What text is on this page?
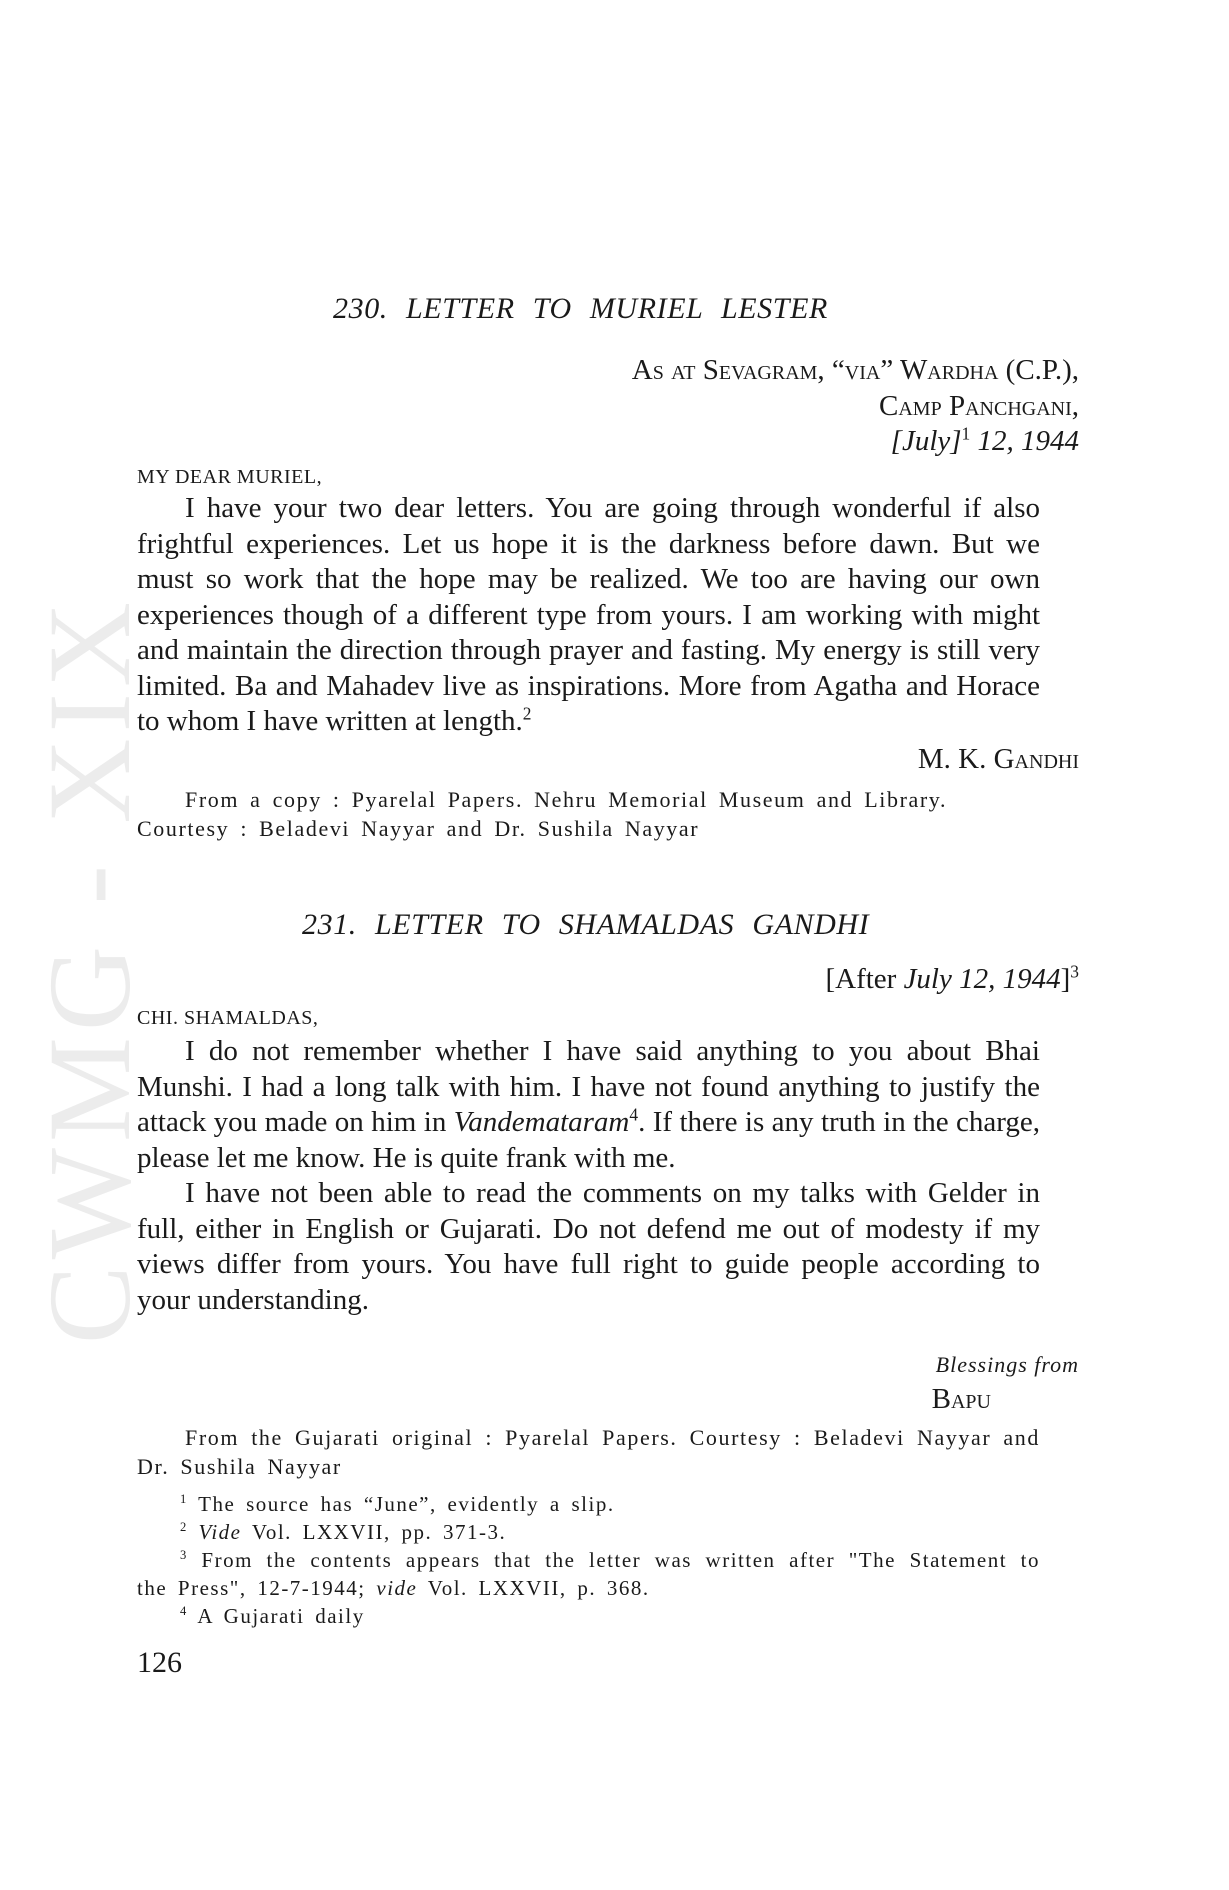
CWMG - XIX
230. LETTER TO MURIEL LESTER
As at Sevagram, “via” Wardha (C.P.),
Camp Panchgani,
[July]$^1$ 12, 1944
MY DEAR MURIEL,
I have your two dear letters. You are going through wonderful if also frightful experiences. Let us hope it is the darkness before dawn. But we must so work that the hope may be realized. We too are having our own experiences though of a different type from yours. I am working with might and maintain the direction through prayer and fasting. My energy is still very limited. Ba and Mahadev live as inspirations. More from Agatha and Horace to whom I have written at length.$^2$
M. K. Gandhi
From a copy : Pyarelal Papers. Nehru Memorial Museum and Library.
Courtesy : Beladevi Nayyar and Dr. Sushila Nayyar
231. LETTER TO SHAMALDAS GANDHI
[After July 12, 1944]$^3$
CHI. SHAMALDAS,
I do not remember whether I have said anything to you about Bhai Munshi. I had a long talk with him. I have not found anything to justify the attack you made on him in Vandemataram$^4$. If there is any truth in the charge, please let me know. He is quite frank with me.
I have not been able to read the comments on my talks with Gelder in full, either in English or Gujarati. Do not defend me out of modesty if my views differ from yours. You have full right to guide people according to your understanding.
Blessings from
Bapu
From the Gujarati original : Pyarelal Papers. Courtesy : Beladevi Nayyar and Dr. Sushila Nayyar
$^1$ The source has “June”, evidently a slip.
$^2$ Vide Vol. LXXVII, pp. 371-3.
$^3$ From the contents appears that the letter was written after "The Statement to the Press", 12-7-1944; vide Vol. LXXVII, p. 368.
$^4$ A Gujarati daily
126
